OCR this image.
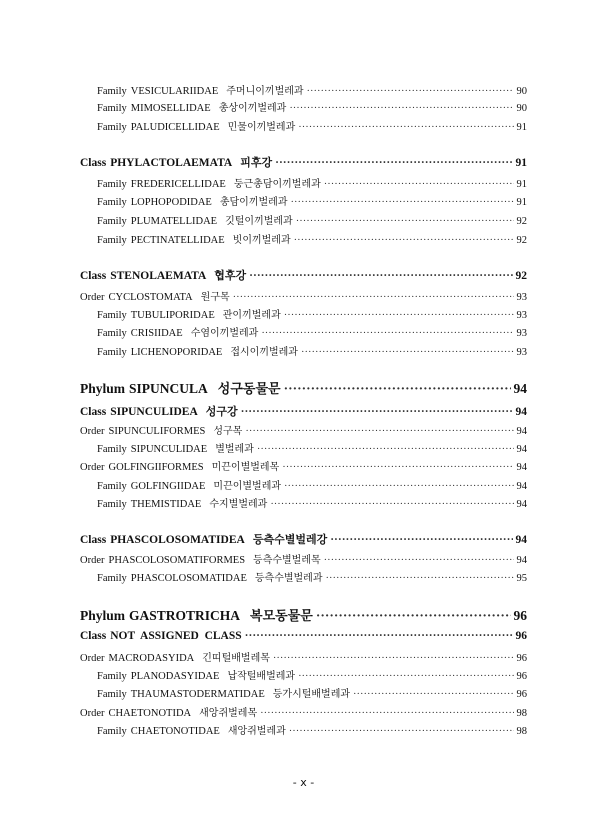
Family VESICULARIIDAE 주머니이끼벌레과 ·····	90
Family MIMOSELLIDAE 총상이끼벌레과 ·····	90
Family PALUDICELLIDAE 민물이끼벌레과 ·····	91
Class PHYLACTOLAEMATA 피후강 ·····	91
Family FREDERICELLIDAE 둥근총담이끼벌레과 ·····	91
Family LOPHOPODIDAE 총담이끼벌레과 ·····	91
Family PLUMATELLIDAE 깃털이끼벌레과 ·····	92
Family PECTINATELLIDAE 빗이끼벌레과 ·····	92
Class STENOLAEMATA 협후강 ·····	92
Order CYCLOSTOMATA 원구목 ·····	93
Family TUBULIPORIDAE 관이끼벌레과 ·····	93
Family CRISIIDAE 수염이끼벌레과 ·····	93
Family LICHENOPORIDAE 접시이끼벌레과 ·····	93
Phylum SIPUNCULA 성구동물문 ·····	94
Class SIPUNCULIDEA 성구강 ·····	94
Order SIPUNCULIFORMES 성구목 ·····	94
Family SIPUNCULIDAE 별벌레과 ·····	94
Order GOLFINGIIFORMES 미끈이별벌레목 ·····	94
Family GOLFINGIIDAE 미끈이별벌레과 ·····	94
Family THEMISTIDAE 수지별벌레과 ·····	94
Class PHASCOLOSOMATIDEA 등측수별벌레강 ·····	94
Order PHASCOLOSOMATIFORMES 등측수별벌레목 ·····	94
Family PHASCOLOSOMATIDAE 등측수별벌레과 ·····	95
Phylum GASTROTRICHA 복모동물문 ·····	96
Class NOT  ASSIGNED  CLASS ·····	96
Order MACRODASYIDA 긴띠털배벌레목 ·····	96
Family PLANODASYIDAE 납작털배벌레과 ·····	96
Family THAUMASTODERMATIDAE 등가시털배벌레과 ·····	96
Order CHAETONOTIDA 새앙쥐벌레목 ·····	98
Family CHAETONOTIDAE 새앙쥐벌레과 ·····	98
- x -
